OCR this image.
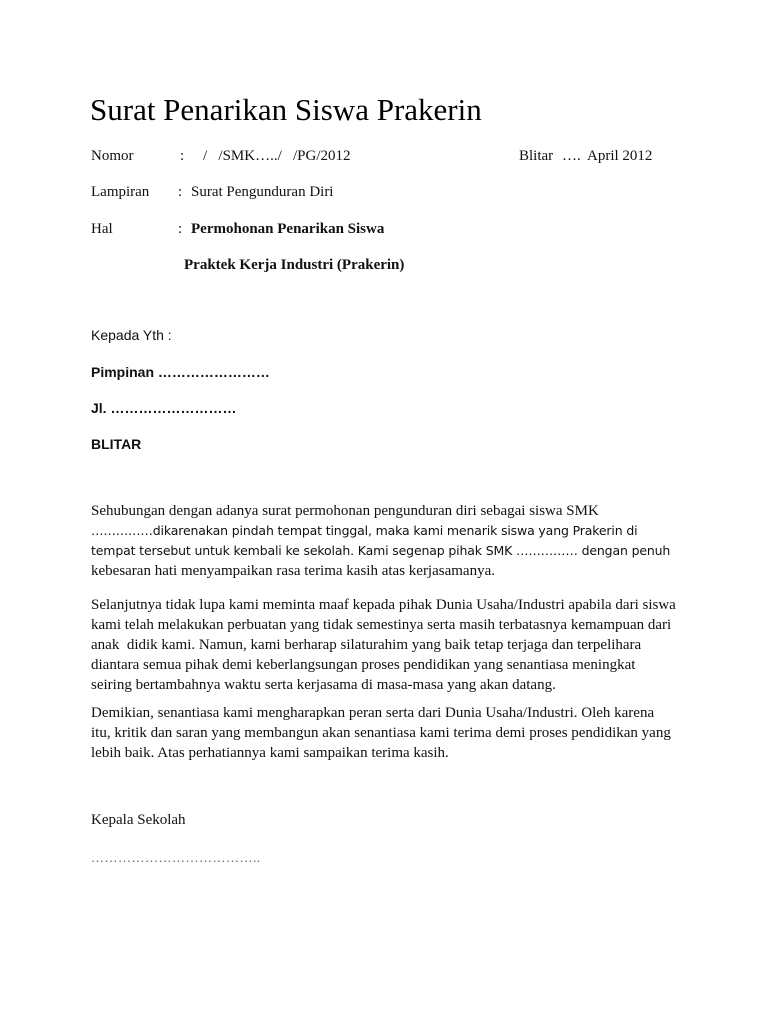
Surat Penarikan Siswa Prakerin
Nomor	: /   /SMK…../   /PG/2012	Blitar …. April 2012
Lampiran : Surat Pengunduran Diri
Hal	: Permohonan Penarikan Siswa
Praktek Kerja Industri (Prakerin)
Kepada Yth :
Pimpinan ……………………
Jl. ………………………
BLITAR
Sehubungan dengan adanya surat permohonan pengunduran diri sebagai siswa SMK
……………dikarenakan pindah tempat tinggal, maka kami menarik siswa yang Prakerin di
tempat tersebut untuk kembali ke sekolah. Kami segenap pihak SMK …………… dengan penuh
kebesaran hati menyampaikan rasa terima kasih atas kerjasamanya.
Selanjutnya tidak lupa kami meminta maaf kepada pihak Dunia Usaha/Industri apabila dari siswa
kami telah melakukan perbuatan yang tidak semestinya serta masih terbatasnya kemampuan dari
anak  didik kami. Namun, kami berharap silaturahim yang baik tetap terjaga dan terpelihara
diantara semua pihak demi keberlangsungan proses pendidikan yang senantiasa meningkat
seiring bertambahnya waktu serta kerjasama di masa-masa yang akan datang.
Demikian, senantiasa kami mengharapkan peran serta dari Dunia Usaha/Industri. Oleh karena
itu, kritik dan saran yang membangun akan senantiasa kami terima demi proses pendidikan yang
lebih baik. Atas perhatiannya kami sampaikan terima kasih.
Kepala Sekolah
………………………………..
